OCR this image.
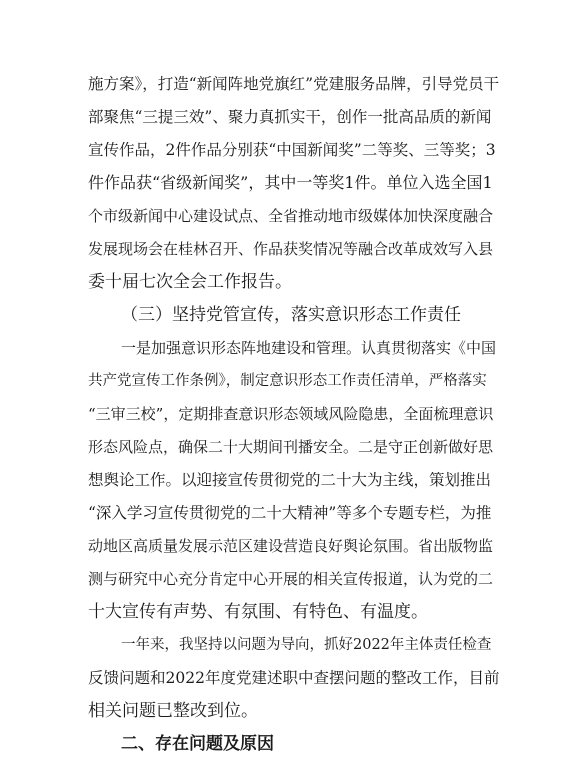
施方案》，打造“新闻阵地党旗红”党建服务品牌，引导党员干
部聚焦“三提三效”、聚力真抓实干，创作一批高品质的新闻
宣传作品，2件作品分别获“中国新闻奖”二等奖、三等奖；3
件作品获“省级新闻奖”，其中一等奖1件。单位入选全国1
个市级新闻中心建设试点、全省推动地市级媒体加快深度融合
发展现场会在桂林召开、作品获奖情况等融合改革成效写入县
委十届七次全会工作报告。
（三）坚持党管宣传，落实意识形态工作责任
一是加强意识形态阵地建设和管理。认真贯彻落实《中国
共产党宣传工作条例》，制定意识形态工作责任清单，严格落实
“三审三校”，定期排查意识形态领域风险隐患，全面梳理意识
形态风险点，确保二十大期间刊播安全。二是守正创新做好思
想舆论工作。以迎接宣传贯彻党的二十大为主线，策划推出
“深入学习宣传贯彻党的二十大精神”等多个专题专栏，为推
动地区高质量发展示范区建设营造良好舆论氛围。省出版物监
测与研究中心充分肯定中心开展的相关宣传报道，认为党的二
十大宣传有声势、有氛围、有特色、有温度。
一年来，我坚持以问题为导向，抓好2022年主体责任检查
反馈问题和2022年度党建述职中查摆问题的整改工作，目前
相关问题已整改到位。
二、存在问题及原因
